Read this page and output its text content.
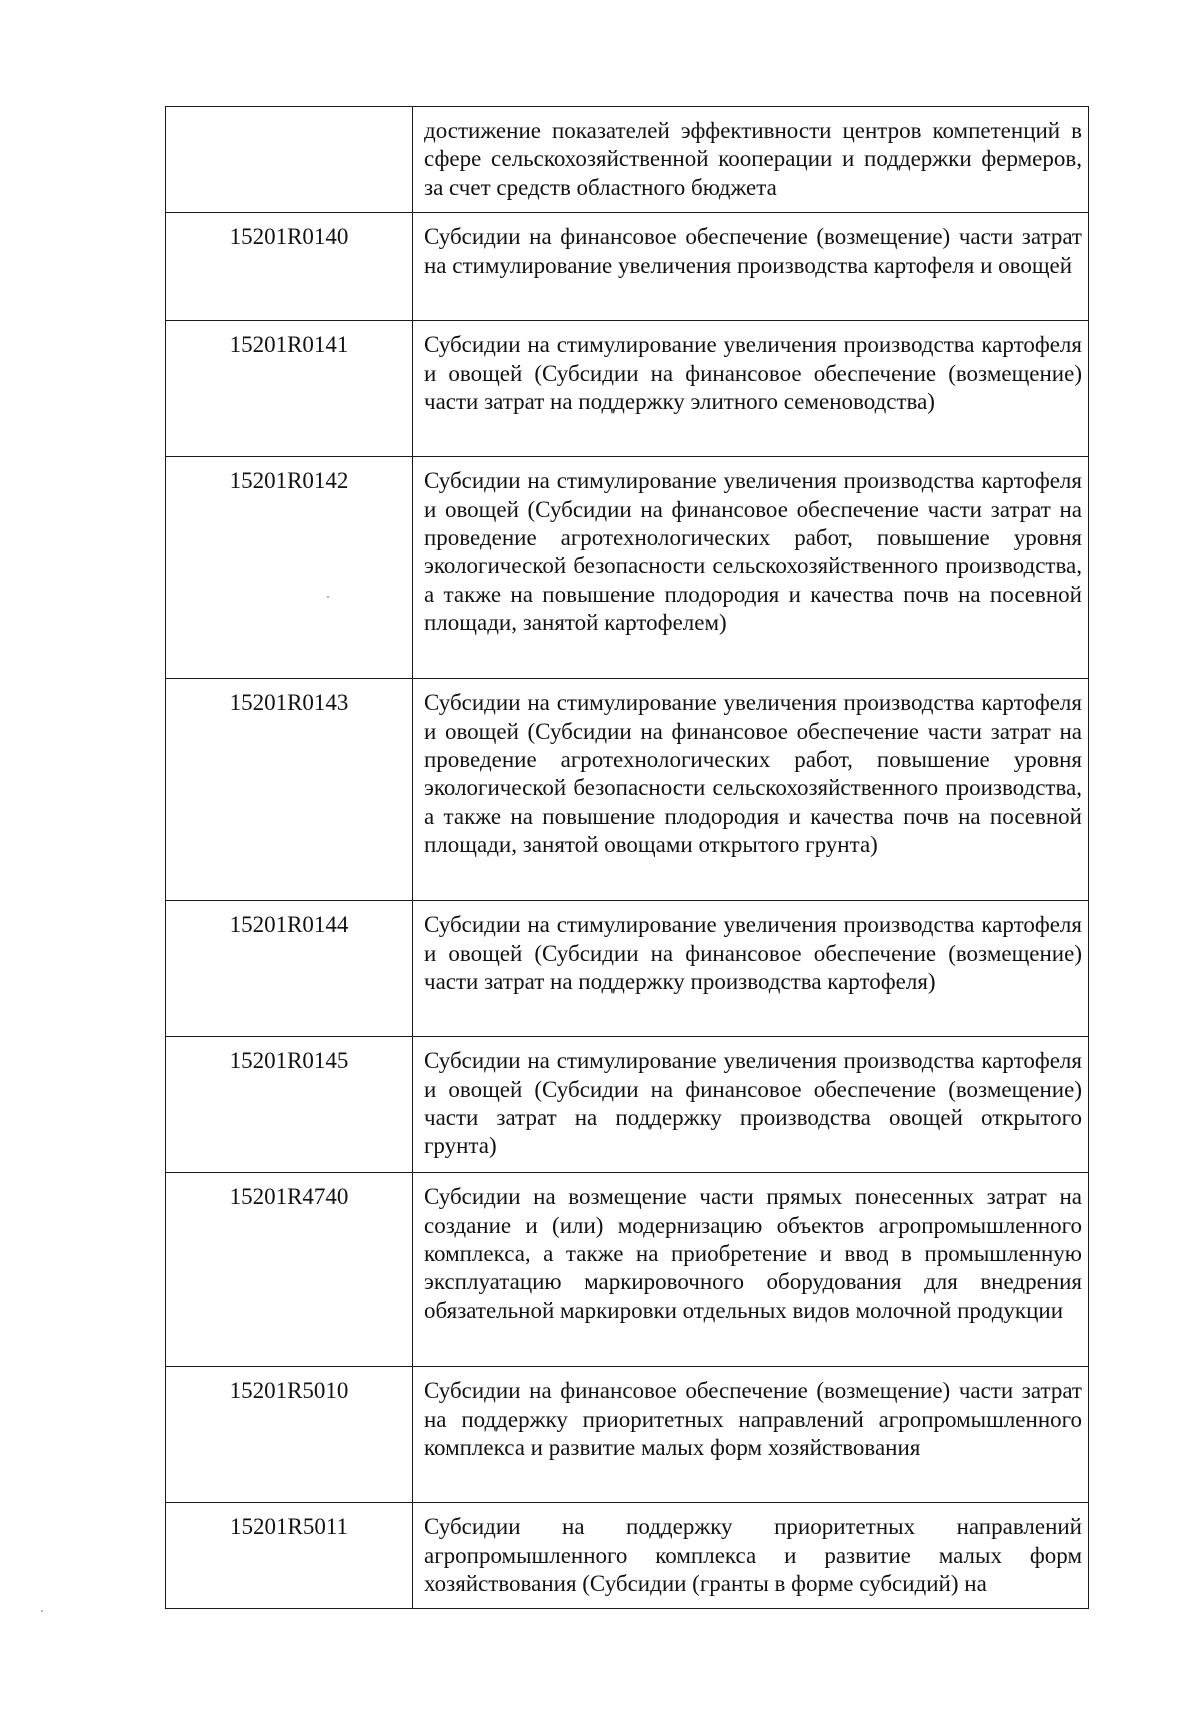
	достижение показателей эффективности центров компетенций в сфере сельскохозяйственной кооперации и поддержки фермеров, за счет средств областного бюджета
15201R0140	Субсидии на финансовое обеспечение (возмещение) части затрат на стимулирование увеличения производства картофеля и овощей
15201R0141	Субсидии на стимулирование увеличения производства картофеля и овощей (Субсидии на финансовое обеспечение (возмещение) части затрат на поддержку элитного семеноводства)
15201R0142	Субсидии на стимулирование увеличения производства картофеля и овощей (Субсидии на финансовое обеспечение части затрат на проведение агротехнологических работ, повышение уровня экологической безопасности сельскохозяйственного производства, а также на повышение плодородия и качества почв на посевной площади, занятой картофелем)
15201R0143	Субсидии на стимулирование увеличения производства картофеля и овощей (Субсидии на финансовое обеспечение части затрат на проведение агротехнологических работ, повышение уровня экологической безопасности сельскохозяйственного производства, а также на повышение плодородия и качества почв на посевной площади, занятой овощами открытого грунта)
15201R0144	Субсидии на стимулирование увеличения производства картофеля и овощей (Субсидии на финансовое обеспечение (возмещение) части затрат на поддержку производства картофеля)
15201R0145	Субсидии на стимулирование увеличения производства картофеля и овощей (Субсидии на финансовое обеспечение (возмещение) части затрат на поддержку производства овощей открытого грунта)
15201R4740	Субсидии на возмещение части прямых понесенных затрат на создание и (или) модернизацию объектов агропромышленного комплекса, а также на приобретение и ввод в промышленную эксплуатацию маркировочного оборудования для внедрения обязательной маркировки отдельных видов молочной продукции
15201R5010	Субсидии на финансовое обеспечение (возмещение) части затрат на поддержку приоритетных направлений агропромышленного комплекса и развитие малых форм хозяйствования
15201R5011	Субсидии на поддержку приоритетных направлений агропромышленного комплекса и развитие малых форм хозяйствования (Субсидии (гранты в форме субсидий) на
